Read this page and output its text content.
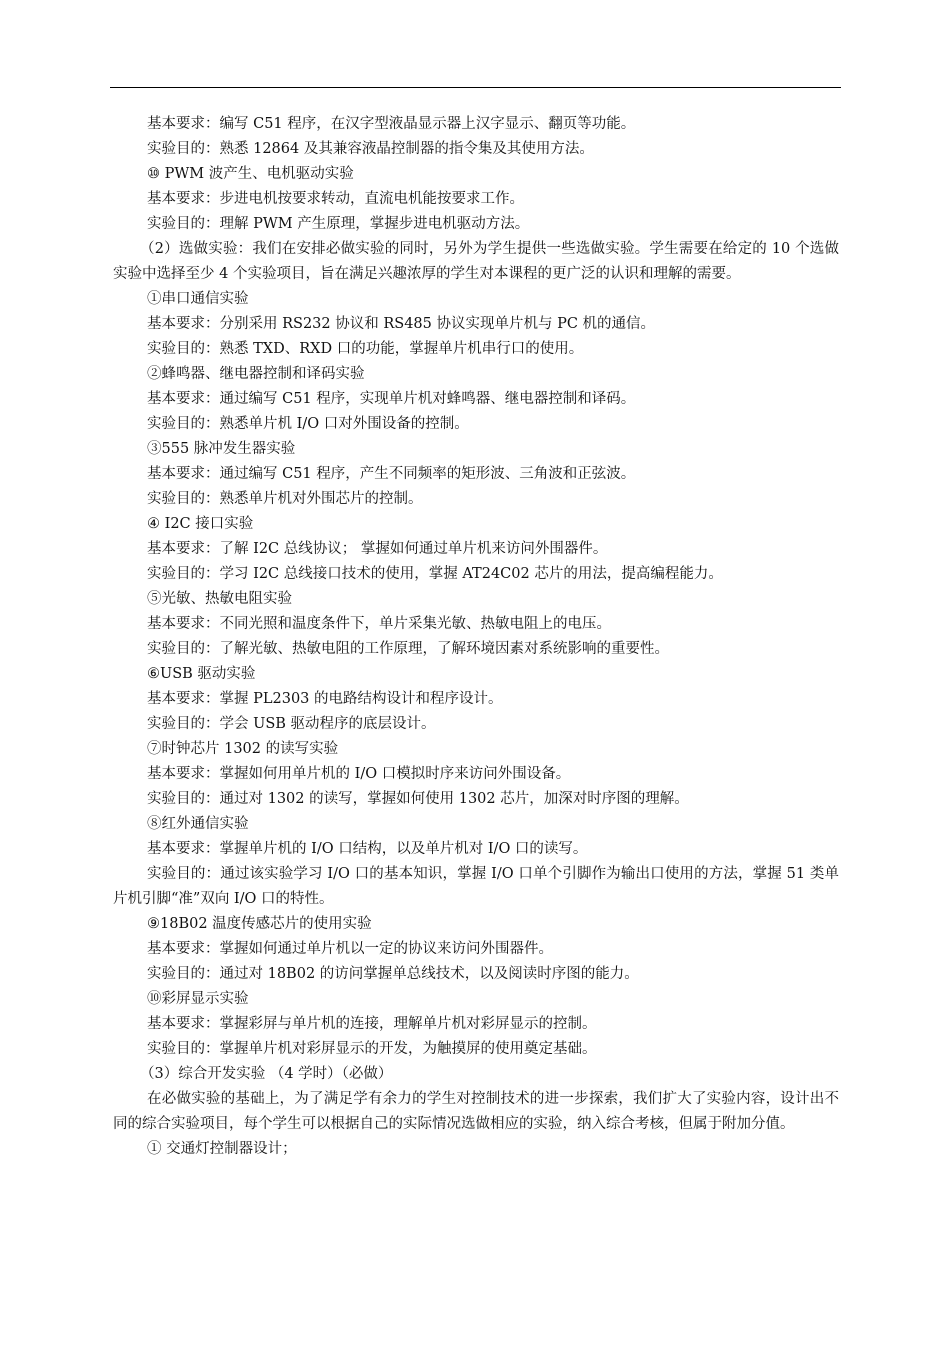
基本要求：编写 C51 程序，在汉字型液晶显示器上汉字显示、翻页等功能。

实验目的：熟悉 12864 及其兼容液晶控制器的指令集及其使用方法。

⑩ PWM 波产生、电机驱动实验

基本要求：步进电机按要求转动，直流电机能按要求工作。

实验目的：理解 PWM 产生原理，掌握步进电机驱动方法。

（2）选做实验：我们在安排必做实验的同时，另外为学生提供一些选做实验。学生需要在给定的 10 个选做实验中选择至少 4 个实验项目，旨在满足兴趣浓厚的学生对本课程的更广泛的认识和理解的需要。

①串口通信实验

基本要求：分别采用 RS232 协议和 RS485 协议实现单片机与 PC 机的通信。

实验目的：熟悉 TXD、RXD 口的功能，掌握单片机串行口的使用。

②蜂鸣器、继电器控制和译码实验

基本要求：通过编写 C51 程序，实现单片机对蜂鸣器、继电器控制和译码。

实验目的：熟悉单片机 I/O 口对外围设备的控制。

③555 脉冲发生器实验

基本要求：通过编写 C51 程序，产生不同频率的矩形波、三角波和正弦波。

实验目的：熟悉单片机对外围芯片的控制。

④ I2C 接口实验

基本要求：了解 I2C 总线协议； 掌握如何通过单片机来访问外围器件。

实验目的：学习 I2C 总线接口技术的使用，掌握 AT24C02 芯片的用法，提高编程能力。

⑤光敏、热敏电阻实验

基本要求：不同光照和温度条件下，单片采集光敏、热敏电阻上的电压。

实验目的：了解光敏、热敏电阻的工作原理，了解环境因素对系统影响的重要性。

⑥USB 驱动实验

基本要求：掌握 PL2303 的电路结构设计和程序设计。

实验目的：学会 USB 驱动程序的底层设计。

⑦时钟芯片 1302 的读写实验

基本要求：掌握如何用单片机的 I/O 口模拟时序来访问外围设备。

实验目的：通过对 1302 的读写，掌握如何使用 1302 芯片，加深对时序图的理解。

⑧红外通信实验

基本要求：掌握单片机的 I/O 口结构，以及单片机对 I/O 口的读写。

实验目的：通过该实验学习 I/O 口的基本知识，掌握 I/O 口单个引脚作为输出口使用的方法，掌握 51 类单片机引脚“准”双向 I/O 口的特性。

⑨18B02 温度传感芯片的使用实验

基本要求：掌握如何通过单片机以一定的协议来访问外围器件。

实验目的：通过对 18B02 的访问掌握单总线技术，以及阅读时序图的能力。

⑩彩屏显示实验

基本要求：掌握彩屏与单片机的连接，理解单片机对彩屏显示的控制。

实验目的：掌握单片机对彩屏显示的开发，为触摸屏的使用奠定基础。

（3）综合开发实验 （4 学时）（必做）

在必做实验的基础上，为了满足学有余力的学生对控制技术的进一步探索，我们扩大了实验内容，设计出不同的综合实验项目，每个学生可以根据自己的实际情况选做相应的实验，纳入综合考核，但属于附加分值。

① 交通灯控制器设计；
